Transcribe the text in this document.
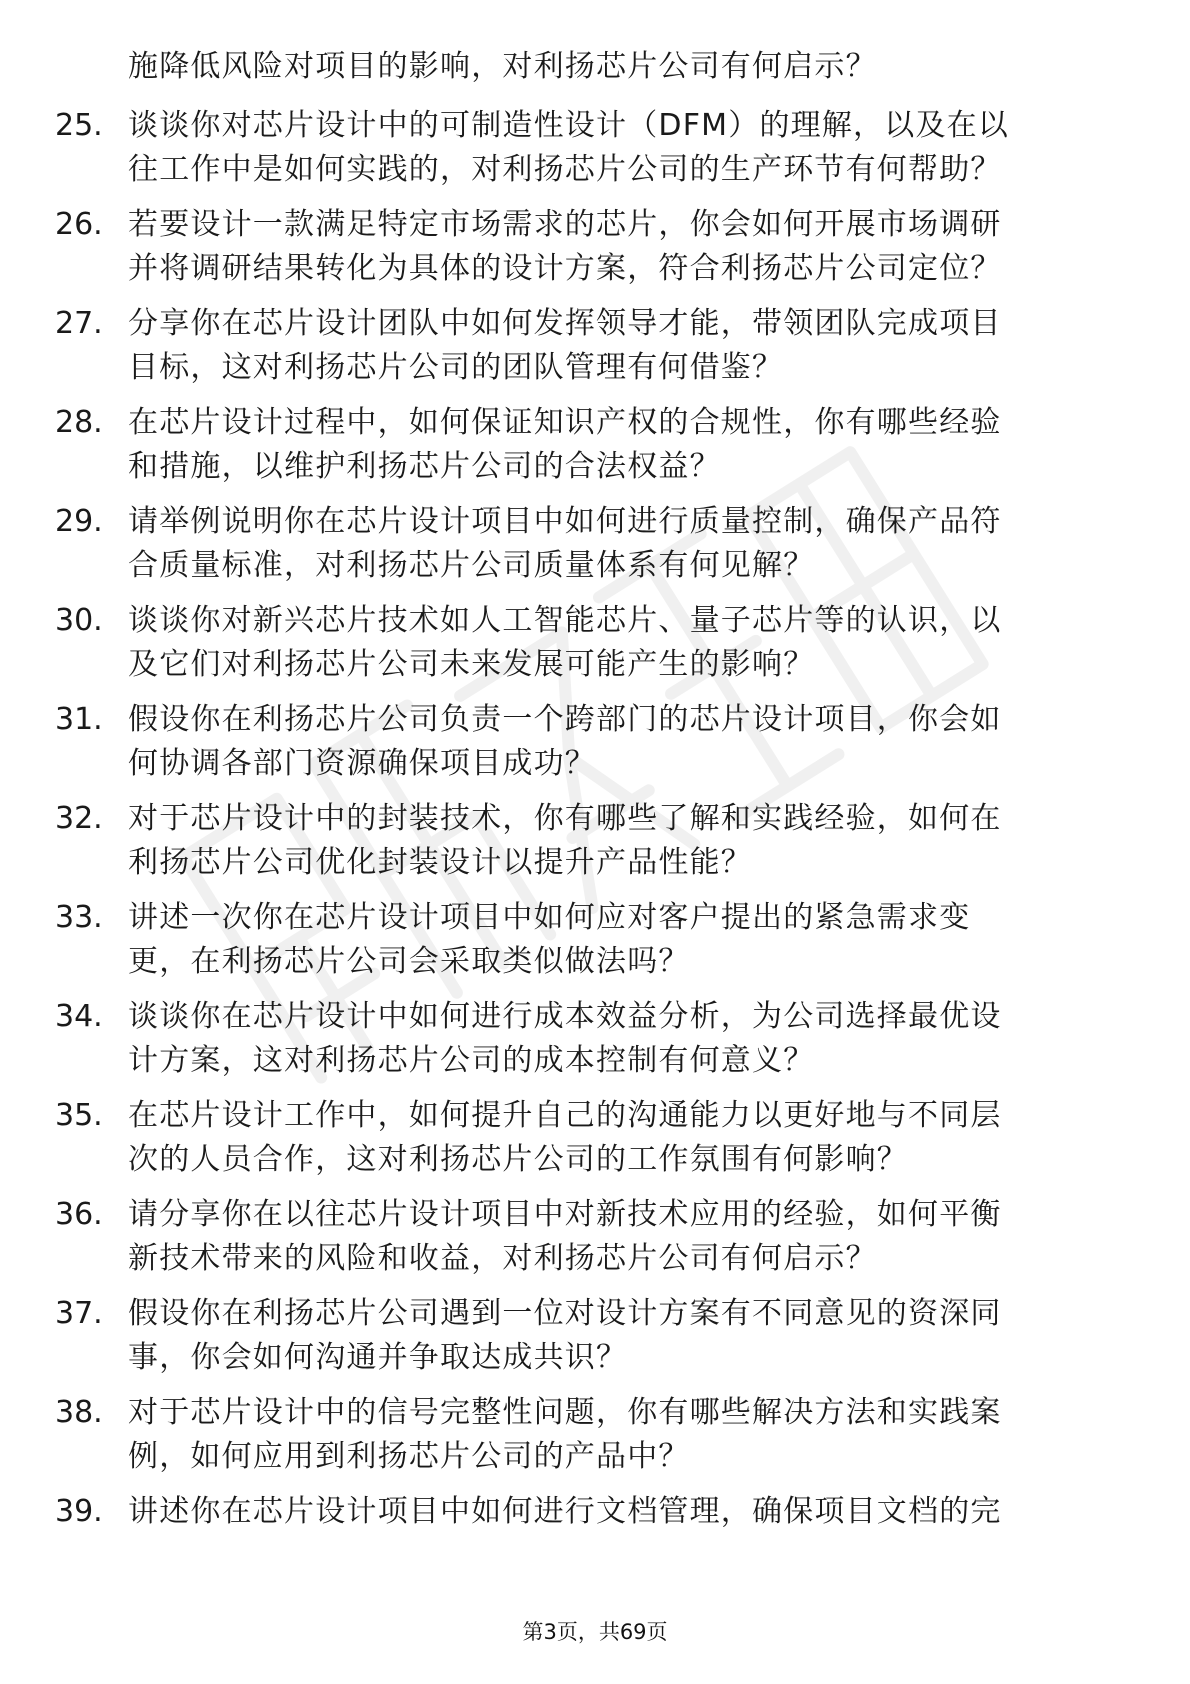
施降低风险对项目的影响，对利扬芯片公司有何启示？
25. 谈谈你对芯片设计中的可制造性设计（DFM）的理解，以及在以
往工作中是如何实践的，对利扬芯片公司的生产环节有何帮助？
26. 若要设计一款满足特定市场需求的芯片，你会如何开展市场调研
并将调研结果转化为具体的设计方案，符合利扬芯片公司定位？
27. 分享你在芯片设计团队中如何发挥领导才能，带领团队完成项目
目标，这对利扬芯片公司的团队管理有何借鉴？
28. 在芯片设计过程中，如何保证知识产权的合规性，你有哪些经验
和措施，以维护利扬芯片公司的合法权益？
29. 请举例说明你在芯片设计项目中如何进行质量控制，确保产品符
合质量标准，对利扬芯片公司质量体系有何见解？
30. 谈谈你对新兴芯片技术如人工智能芯片、量子芯片等的认识，以
及它们对利扬芯片公司未来发展可能产生的影响？
31. 假设你在利扬芯片公司负责一个跨部门的芯片设计项目，你会如
何协调各部门资源确保项目成功？
32. 对于芯片设计中的封装技术，你有哪些了解和实践经验，如何在
利扬芯片公司优化封装设计以提升产品性能？
33. 讲述一次你在芯片设计项目中如何应对客户提出的紧急需求变
更，在利扬芯片公司会采取类似做法吗？
34. 谈谈你在芯片设计中如何进行成本效益分析，为公司选择最优设
计方案，这对利扬芯片公司的成本控制有何意义？
35. 在芯片设计工作中，如何提升自己的沟通能力以更好地与不同层
次的人员合作，这对利扬芯片公司的工作氛围有何影响？
36. 请分享你在以往芯片设计项目中对新技术应用的经验，如何平衡
新技术带来的风险和收益，对利扬芯片公司有何启示？
37. 假设你在利扬芯片公司遇到一位对设计方案有不同意见的资深同
事，你会如何沟通并争取达成共识？
38. 对于芯片设计中的信号完整性问题，你有哪些解决方法和实践案
例，如何应用到利扬芯片公司的产品中？
39. 讲述你在芯片设计项目中如何进行文档管理，确保项目文档的完
第3页，共69页
